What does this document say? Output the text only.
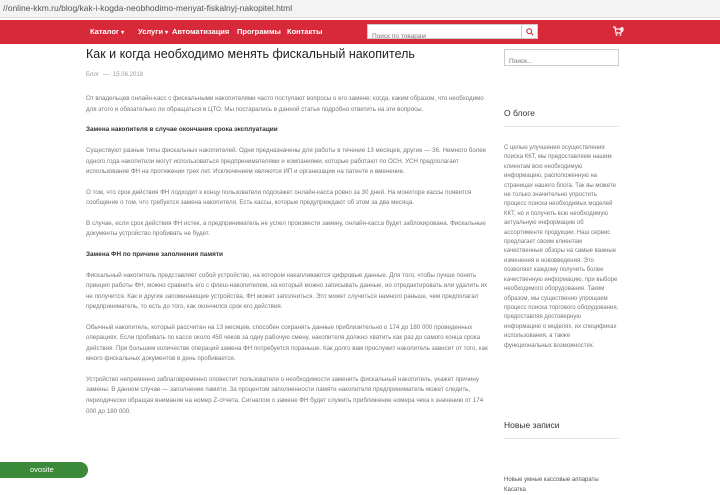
//online-kkm.ru/blog/kak-i-kogda-neobhodimo-menyat-fiskalnyj-nakopitel.html
Каталог ▾ Услуги ▾ Автоматизация Программы Контакты
Поиск по товарам	0
Как и когда необходимо менять фискальный накопитель
Блог — 15.06.2018

От владельцев онлайн-касс с фискальными накопителями часто поступают вопросы о его замене: когда, каким образом, что необходимо для этого и обязательно ли обращаться в ЦТО. Мы постарались в данной статье подробно ответить на эти вопросы.

Замена накопителя в случае окончания срока эксплуатации

Существуют разные типы фискальных накопителей. Одни предназначены для работы в течение 13 месяцев, другие — 36. Немного более одного года накопители могут использоваться предпринимателями и компаниями, которые работают по ОСН. УСН предполагает использование ФН на протяжении трех лет. Исключением являются ИП и организации на патенте и вменение.

О том, что срок действия ФН подходит к концу пользователи подскажет онлайн-касса ровно за 30 дней. На мониторе кассы появится сообщение о том, что требуется замена накопителя. Есть кассы, которые предупреждают об этом за два месяца.

В случае, если срок действия ФН истек, а предприниматель не успел произвести замену, онлайн-касса будет заблокирована. Фискальные документы устройство пробивать не будет.

Замена ФН по причине заполнения памяти

Фискальный накопитель представляет собой устройство, на котором накапливаются цифровые данные. Для того, чтобы лучше понять принцип работы ФН, можно сравнить его с флеш-накопителем, на который можно записывать данные, но отредактировать или удалить их не получится. Как и другие запоминающие устройства, ФН может заполниться. Это может случиться намного раньше, чем предполагал предприниматель, то есть до того, как окончился срок его действия.

Обычный накопитель, который рассчитан на 13 месяцев, способен сохранять данные приблизительно о 174 до 180 000 проведенных операциях. Если пробивать по кассе около 450 чеков за одну рабочую смену, накопителя должно хватить как раз до самого конца срока действия. При большем количестве операций замена ФН потребуется пораньше. Как долго вам прослужит накопитель зависит от того, как много фискальных документов в день пробивается.

Устройство непременно заблаговременно оповестит пользователя о необходимости заменить фискальный накопитель, укажет причину замены. В данном случае — заполнение памяти. За процентом заполненности памяти накопителя предприниматель может следить, периодически обращая внимание на номер Z-отчета. Сигналом о замене ФН будет служить приближение номера чека к значению от 174 000 до 180 000.

Поиск...
О блоге
С целью улучшения осуществления поиска ККТ, мы предоставляем нашим клиентам всю необходимую информацию, расположенную на страницах нашего блога. Так вы можете не только значительно упростить процесс поиска необходимых моделей ККТ, но и получить всю необходимую актуальную информацию об ассортименте продукции. Наш сервис предлагает своим клиентам качественные обзоры на самые важные изменения и нововведения. Это позволяет каждому получить более качественную информацию, при выборе необходимого оборудования. Таким образом, мы существенно упрощаем процесс поиска торгового оборудования, предоставляя достоверную информацию о моделях, их спецификах использования, а также функциональных возможностях.
Новые записи
Новые умные кассовые аппараты
Касатка
ovosite
